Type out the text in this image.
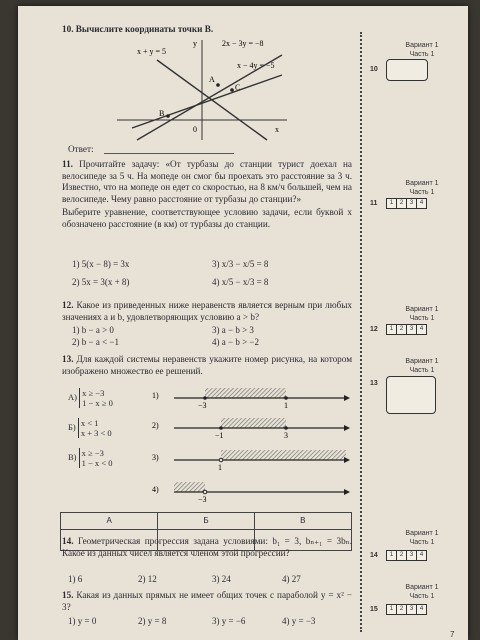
10. Вычислите координаты точки B.

x + y = 5
2x − 3y = −8
x − 4y = −5
A
B
C
y
x
0

Ответ:

11. Прочитайте задачу: «От турбазы до станции турист доехал на велосипеде за 5 ч. На мопеде он смог бы проехать это расстояние за 3 ч. Известно, что на мопеде он едет со скоростью, на 8 км/ч большей, чем на велосипеде. Чему равно расстояние от турбазы до станции?»

Выберите уравнение, соответствующее условию задачи, если буквой x обозначено расстояние (в км) от турбазы до станции.

1) 5(x − 8) = 3x	3) x/3 − x/5 = 8
2) 5x = 3(x + 8)	4) x/5 − x/3 = 8

12. Какое из приведенных ниже неравенств является верным при любых значениях a и b, удовлетворяющих условию a > b?

1) b − a > 0	3) a − b > 3
2) b − a < −1	4) a − b > −2

13. Для каждой системы неравенств укажите номер рисунка, на котором изображено множество ее решений.

А) x ≥ −3
1 − x ≥ 0
Б) x < 1
x + 3 < 0
В) x ≥ −3
1 − x < 0
1)
−3	1
2)
−1	3
3)
1
4)
−3
А	Б	В

14. Геометрическая прогрессия задана условиями: b₁ = 3, bₙ₊₁ = 3bₙ. Какое из данных чисел является членом этой прогрессии?

1) 6	2) 12	3) 24	4) 27

15. Какая из данных прямых не имеет общих точек с параболой y = x² − 3?

1) y = 0	2) y = 8	3) y = −6	4) y = −3
Вариант 1
Часть 1
10
Вариант 1
Часть 1
11	1	2	3	4
Вариант 1
Часть 1
12	1	2	3	4
Вариант 1
Часть 1
13
Вариант 1
Часть 1
14	1	2	3	4
Вариант 1
Часть 1
15	1	2	3	4
7
